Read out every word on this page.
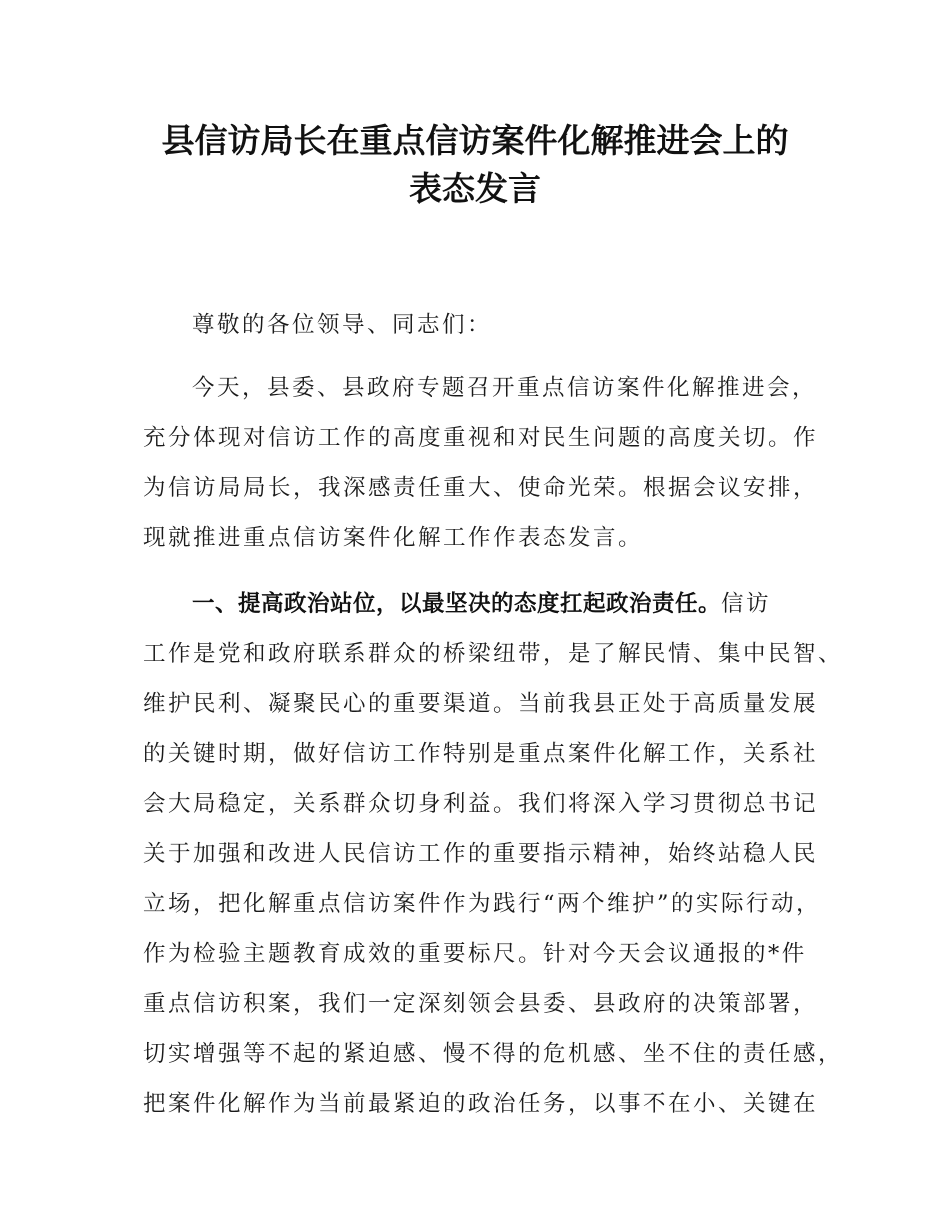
县信访局长在重点信访案件化解推进会上的
表态发言
尊敬的各位领导、同志们：
今天，县委、县政府专题召开重点信访案件化解推进会，
充分体现对信访工作的高度重视和对民生问题的高度关切。作
为信访局局长，我深感责任重大、使命光荣。根据会议安排，
现就推进重点信访案件化解工作作表态发言。
一、提高政治站位，以最坚决的态度扛起政治责任。信访
工作是党和政府联系群众的桥梁纽带，是了解民情、集中民智、
维护民利、凝聚民心的重要渠道。当前我县正处于高质量发展
的关键时期，做好信访工作特别是重点案件化解工作，关系社
会大局稳定，关系群众切身利益。我们将深入学习贯彻总书记
关于加强和改进人民信访工作的重要指示精神，始终站稳人民
立场，把化解重点信访案件作为践行“两个维护”的实际行动，
作为检验主题教育成效的重要标尺。针对今天会议通报的*件
重点信访积案，我们一定深刻领会县委、县政府的决策部署，
切实增强等不起的紧迫感、慢不得的危机感、坐不住的责任感，
把案件化解作为当前最紧迫的政治任务，以事不在小、关键在
